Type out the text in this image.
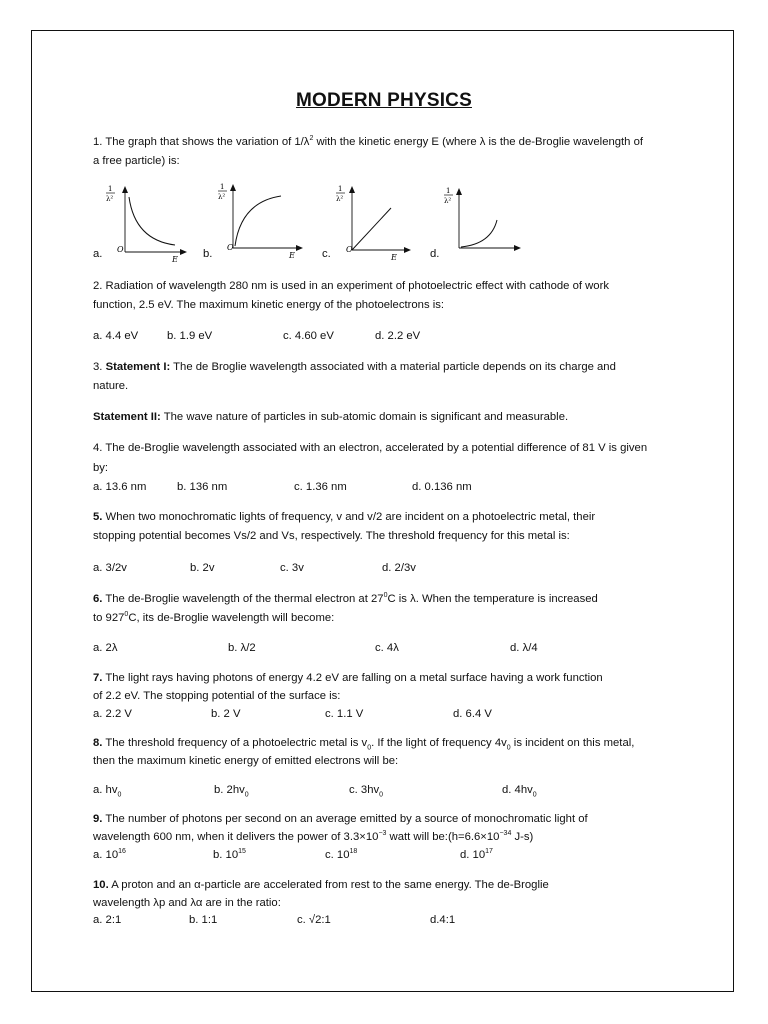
MODERN PHYSICS
1. The graph that shows the variation of $1/\lambda^2$ with the kinetic energy E (where λ is the de-Broglie wavelength of
a free particle) is:
a.
1
λ²
O
E b.
1
λ²
O
E c.
1
λ²
O
E	d.
1
λ²
2. Radiation of wavelength 280 nm is used in an experiment of photoelectric effect with cathode of work
function, 2.5 eV. The maximum kinetic energy of the photoelectrons is:
a. 4.4 eV	b. 1.9 eV	c. 4.60 eV	d. 2.2 eV
3. Statement I: The de Broglie wavelength associated with a material particle depends on its charge and
nature.
Statement II: The wave nature of particles in sub-atomic domain is significant and measurable.
4. The de-Broglie wavelength associated with an electron, accelerated by a potential difference of 81 V is given
by:
a. 13.6 nm	b. 136 nm	c. 1.36 nm	d. 0.136 nm
5. When two monochromatic lights of frequency, v and v/2 are incident on a photoelectric metal, their
stopping potential becomes Vs/2 and Vs, respectively. The threshold frequency for this metal is:
a. 3/2v	b. 2v	c. 3v	d. 2/3v
6. The de-Broglie wavelength of the thermal electron at $27^0C$ is λ. When the temperature is increased
to $927^0C$, its de-Broglie wavelength will become:
a. 2λ	b. λ/2	c. 4λ	d. λ/4
7. The light rays having photons of energy 4.2 eV are falling on a metal surface having a work function
of 2.2 eV. The stopping potential of the surface is:
a. 2.2 V	b. 2 V	c. 1.1 V	d. 6.4 V
8. The threshold frequency of a photoelectric metal is $v_0$. If the light of frequency $4v_0$ is incident on this metal,
then the maximum kinetic energy of emitted electrons will be:
a. $hv_0$	b. $2hv_0$	c. $3hv_0$	d. $4hv_0$
9. The number of photons per second on an average emitted by a source of monochromatic light of
wavelength 600 nm, when it delivers the power of $3.3\times 10^{-3}$ watt will $be:(h=6.6\times 10^{-34}$ J-s)
a. $10^{16}$	b. $10^{15}$	c. $10^{18}$	d. $10^{17}$
10. A proton and an α-particle are accelerated from rest to the same energy. The de-Broglie
wavelength λp and λα are in the ratio:
a. 2:1	b. 1:1	c. √2:1	d.4:1
